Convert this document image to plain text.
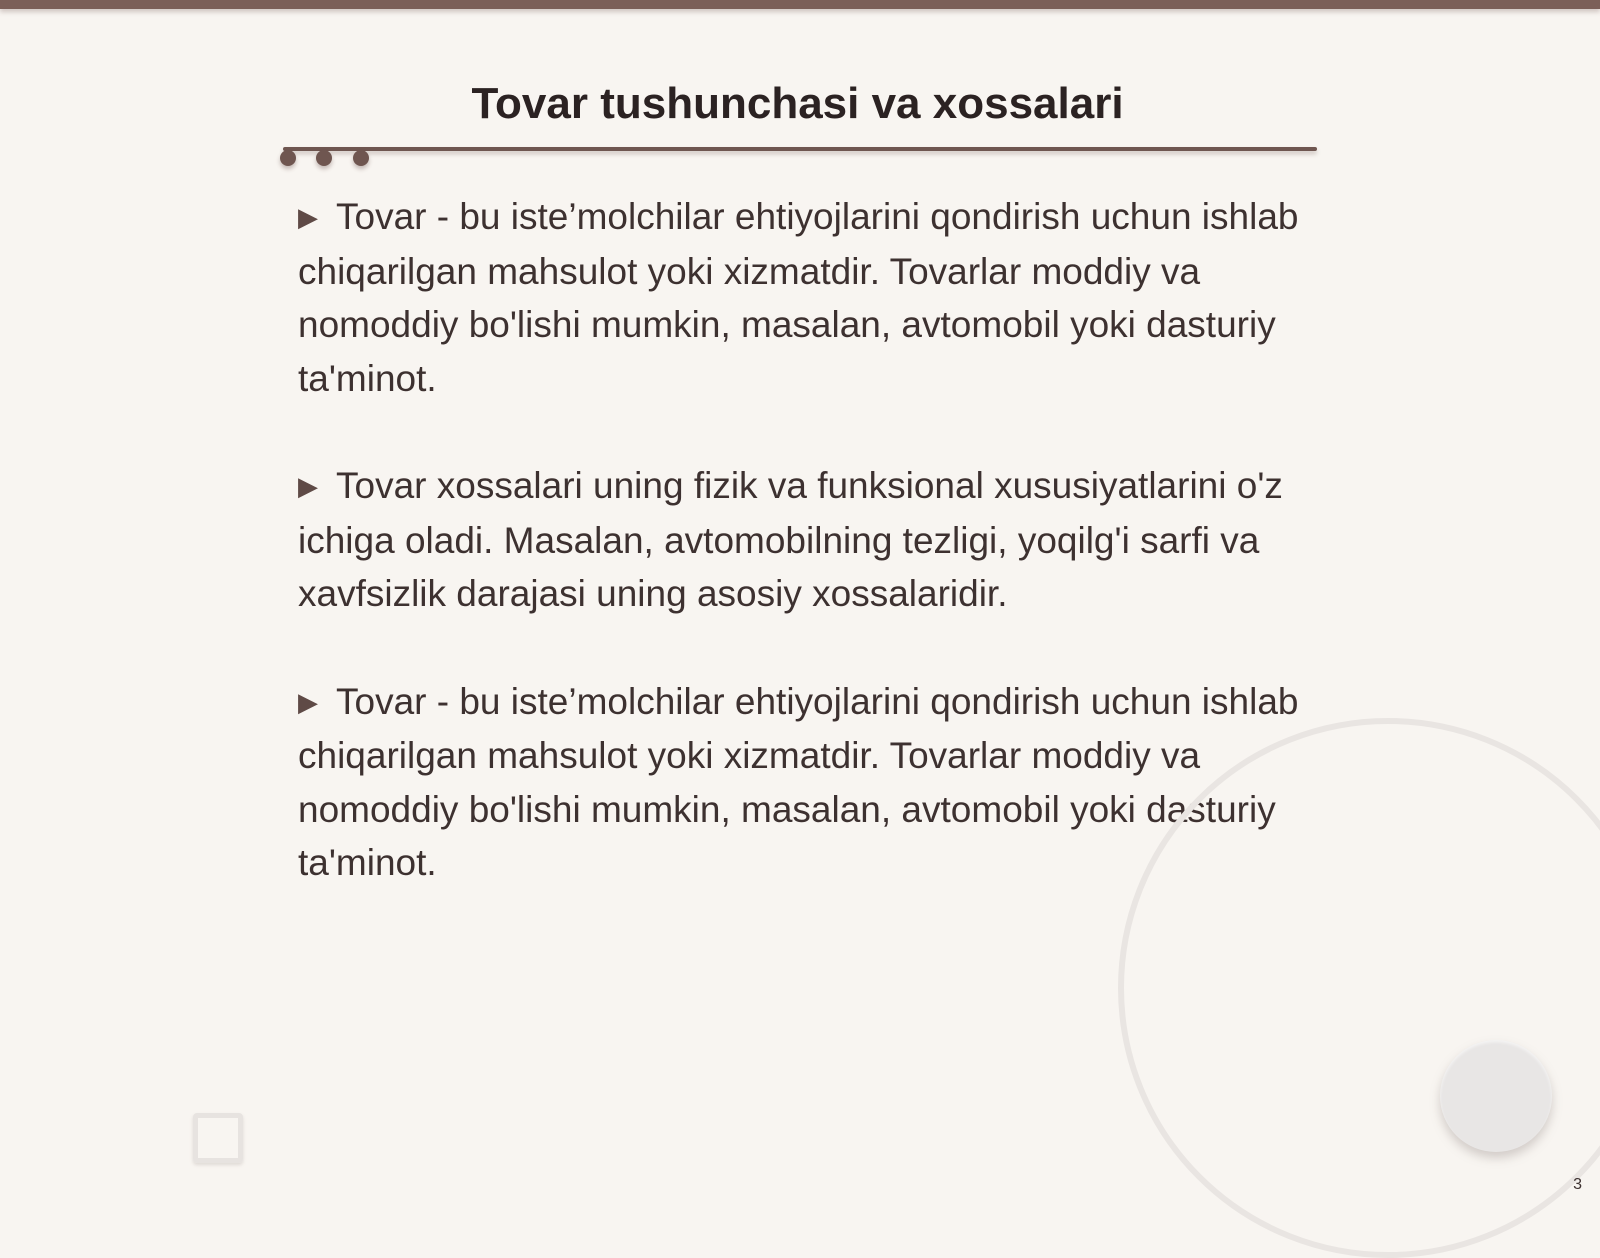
Tovar tushunchasi va xossalari

▶ Tovar - bu iste’molchilar ehtiyojlarini qondirish uchun ishlab chiqarilgan mahsulot yoki xizmatdir. Tovarlar moddiy va nomoddiy bo'lishi mumkin, masalan, avtomobil yoki dasturiy ta'minot.

▶ Tovar xossalari uning fizik va funksional xususiyatlarini o'z ichiga oladi. Masalan, avtomobilning tezligi, yoqilg'i sarfi va xavfsizlik darajasi uning asosiy xossalaridir.

▶ Tovar - bu iste’molchilar ehtiyojlarini qondirish uchun ishlab chiqarilgan mahsulot yoki xizmatdir. Tovarlar moddiy va nomoddiy bo'lishi mumkin, masalan, avtomobil yoki dasturiy ta'minot.

3
